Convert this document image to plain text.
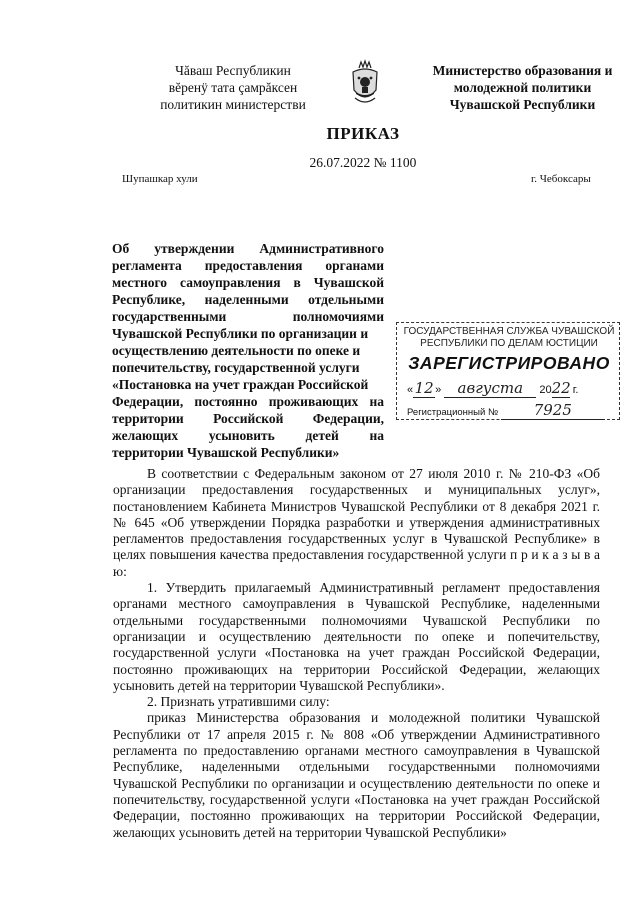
Чăваш Республикин
вĕренÿ тата çамрăксен
политикин министерстви
Министерство образования и
молодежной политики
Чувашской Республики
ПРИКАЗ
26.07.2022 № 1100
Шупашкар хули	г. Чебоксары
Об утверждении Административного
регламента предоставления органами
местного самоуправления в Чувашской
Республике, наделенными отдельными
государственными	полномочиями
Чувашской Республики по организации и
осуществлению деятельности по опеке и
попечительству, государственной услуги
«Постановка на учет граждан Российской
Федерации, постоянно проживающих на
территории Российской Федерации,
желающих усыновить детей на
территории Чувашской Республики»
ГОСУДАРСТВЕННАЯ СЛУЖБА ЧУВАШСКОЙ
РЕСПУБЛИКИ ПО ДЕЛАМ ЮСТИЦИИ
ЗАРЕГИСТРИРОВАНО
«12» августа 2022 г.
Регистрационный № 7925

В соответствии с Федеральным законом от 27 июля 2010 г. № 210-ФЗ «Об организации предоставления государственных и муниципальных услуг», постановлением Кабинета Министров Чувашской Республики от 8 декабря 2021 г. № 645 «Об утверждении Порядка разработки и утверждения административных регламентов предоставления государственных услуг в Чувашской Республике» в целях повышения качества предоставления государственной услуги п р и к а з ы в а ю:

1. Утвердить прилагаемый Административный регламент предоставления органами местного самоуправления в Чувашской Республике, наделенными отдельными государственными полномочиями Чувашской Республики по организации и осуществлению деятельности по опеке и попечительству, государственной услуги «Постановка на учет граждан Российской Федерации, постоянно проживающих на территории Российской Федерации, желающих усыновить детей на территории Чувашской Республики».

2. Признать утратившими силу:

приказ Министерства образования и молодежной политики Чувашской Республики от 17 апреля 2015 г. № 808 «Об утверждении Административного регламента по предоставлению органами местного самоуправления в Чувашской Республике, наделенными отдельными государственными полномочиями Чувашской Республики по организации и осуществлению деятельности по опеке и попечительству, государственной услуги «Постановка на учет граждан Российской Федерации, постоянно проживающих на территории Российской Федерации, желающих усыновить детей на территории Чувашской Республики»
